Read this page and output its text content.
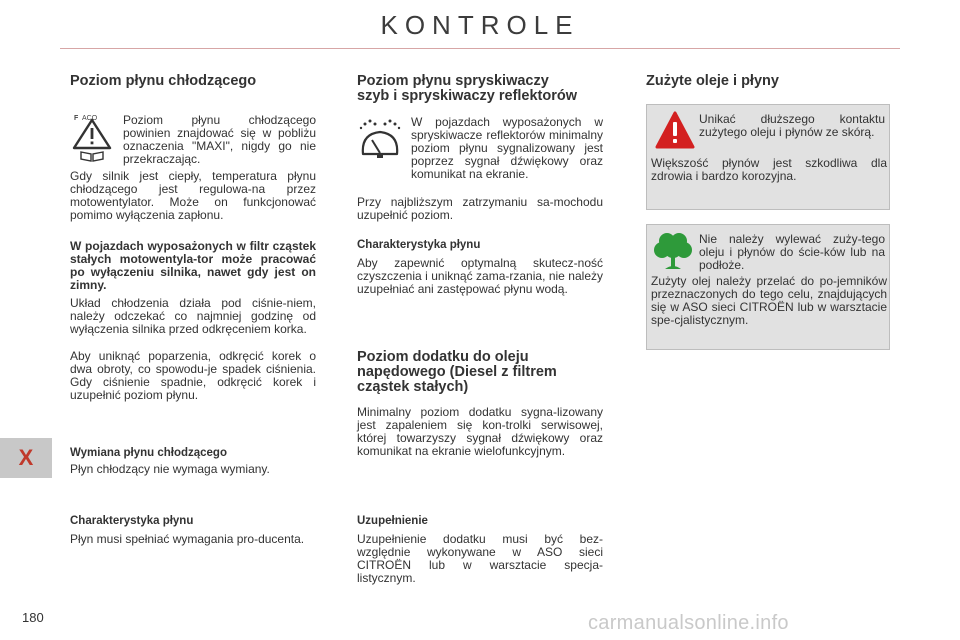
KONTROLE
X
Poziom płynu chłodzącego
F ACO Poziom płynu chłodzącego powinien znajdować się w pobliżu oznaczenia "MAXI", nigdy go nie przekraczając.

Gdy silnik jest ciepły, temperatura płynu chłodzącego jest regulowa-na przez motowentylator. Może on funkcjonować pomimo wyłączenia zapłonu.

W pojazdach wyposażonych w filtr cząstek stałych motowentyla-tor może pracować po wyłączeniu silnika, nawet gdy jest on zimny.

Układ chłodzenia działa pod ciśnie-niem, należy odczekać co najmniej godzinę od wyłączenia silnika przed odkręceniem korka.

Aby uniknąć poparzenia, odkręcić korek o dwa obroty, co spowodu-je spadek ciśnienia. Gdy ciśnienie spadnie, odkręcić korek i uzupełnić poziom płynu.

Wymiana płynu chłodzącego

Płyn chłodzący nie wymaga wymiany.

Charakterystyka płynu

Płyn musi spełniać wymagania pro-ducenta.

Poziom płynu spryskiwaczy
szyb i spryskiwaczy reflektorów

W pojazdach wyposażonych w spryskiwacze reflektorów minimalny poziom płynu sygnalizowany jest poprzez sygnał dźwiękowy oraz komunikat na ekranie.

Przy najbliższym zatrzymaniu sa-mochodu uzupełnić poziom.

Charakterystyka płynu

Aby zapewnić optymalną skutecz-ność czyszczenia i uniknąć zama-rzania, nie należy uzupełniać ani zastępować płynu wodą.

Poziom dodatku do oleju
napędowego (Diesel z filtrem
cząstek stałych)

Minimalny poziom dodatku sygna-lizowany jest zapaleniem się kon-trolki serwisowej, której towarzyszy sygnał dźwiękowy oraz komunikat na ekranie wielofunkcyjnym.

Uzupełnienie

Uzupełnienie dodatku musi być bez-względnie wykonywane w ASO sieci CITROËN lub w warsztacie specja-listycznym.

Zużyte oleje i płyny

Unikać dłuższego kontaktu zużytego oleju i płynów ze skórą.

Większość płynów jest szkodliwa dla zdrowia i bardzo korozyjna.

Nie należy wylewać zuży-tego oleju i płynów do ście-ków lub na podłoże.

Zużyty olej należy przelać do po-jemników przeznaczonych do tego celu, znajdujących się w ASO sieci CITROËN lub w warsztacie spe-cjalistycznym.

180	carmanualsonline.info
